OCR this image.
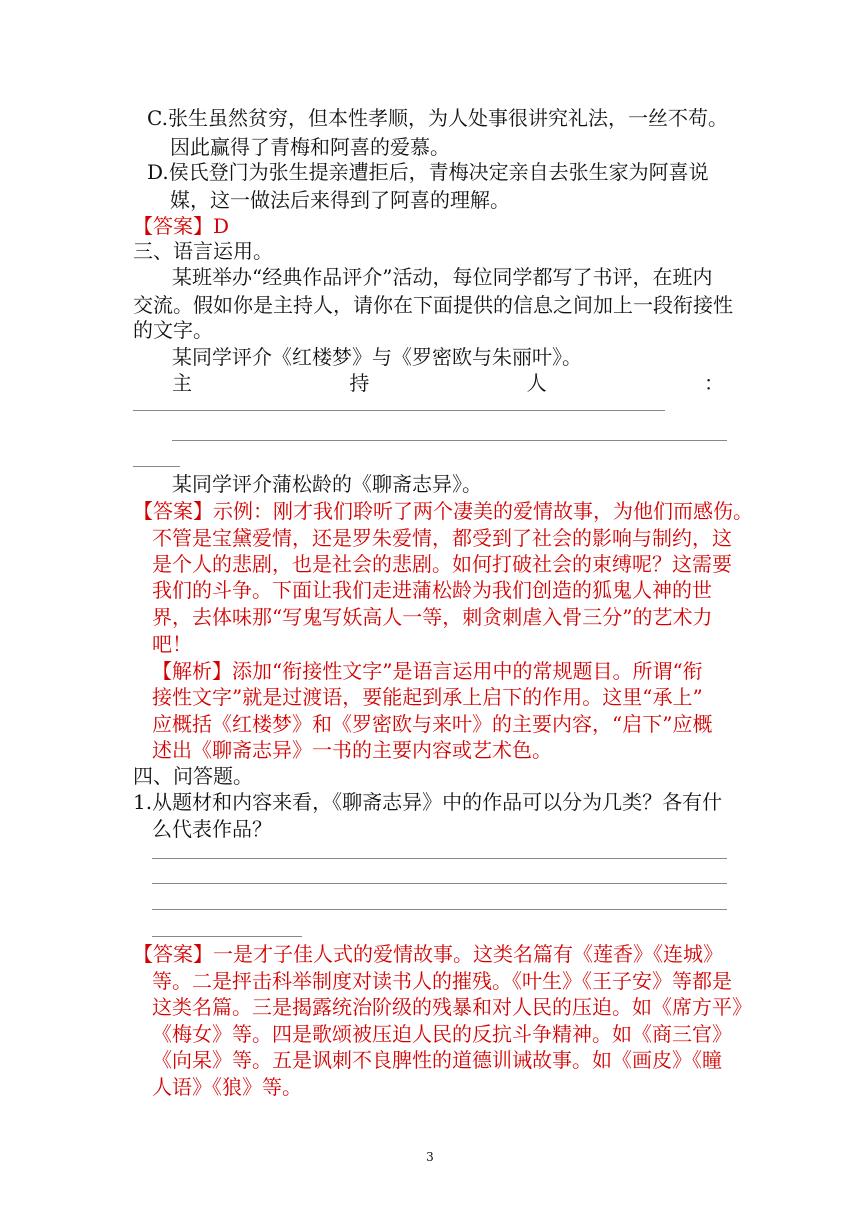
C.张生虽然贫穷，但本性孝顺，为人处事很讲究礼法，一丝不苟。
因此赢得了青梅和阿喜的爱慕。
D.侯氏登门为张生提亲遭拒后，青梅决定亲自去张生家为阿喜说
媒，这一做法后来得到了阿喜的理解。
【答案】D
三、语言运用。
某班举办“经典作品评介”活动，每位同学都写了书评，在班内
交流。假如你是主持人，请你在下面提供的信息之间加上一段衔接性
的文字。
某同学评介《红楼梦》与《罗密欧与朱丽叶》。
主	持	人	：
某同学评介蒲松龄的《聊斋志异》。
【答案】示例：刚才我们聆听了两个凄美的爱情故事，为他们而感伤。
不管是宝黛爱情，还是罗朱爱情，都受到了社会的影响与制约，这
是个人的悲剧，也是社会的悲剧。如何打破社会的束缚呢？这需要
我们的斗争。下面让我们走进蒲松龄为我们创造的狐鬼人神的世
界，去体味那“写鬼写妖高人一等，刺贪刺虐入骨三分”的艺术力
吧！
【解析】添加“衔接性文字”是语言运用中的常规题目。所谓“衔
接性文字”就是过渡语，要能起到承上启下的作用。这里“承上”
应概括《红楼梦》和《罗密欧与来叶》的主要内容，“启下”应概
述出《聊斋志异》一书的主要内容或艺术色。
四、问答题。
1.从题材和内容来看，《聊斋志异》中的作品可以分为几类？各有什
么代表作品？
【答案】一是才子佳人式的爱情故事。这类名篇有《莲香》《连城》
等。二是抨击科举制度对读书人的摧残。《叶生》《王子安》等都是
这类名篇。三是揭露统治阶级的残暴和对人民的压迫。如《席方平》
《梅女》等。四是歌颂被压迫人民的反抗斗争精神。如《商三官》
《向杲》等。五是讽刺不良脾性的道德训诫故事。如《画皮》《瞳
人语》《狼》等。
3
